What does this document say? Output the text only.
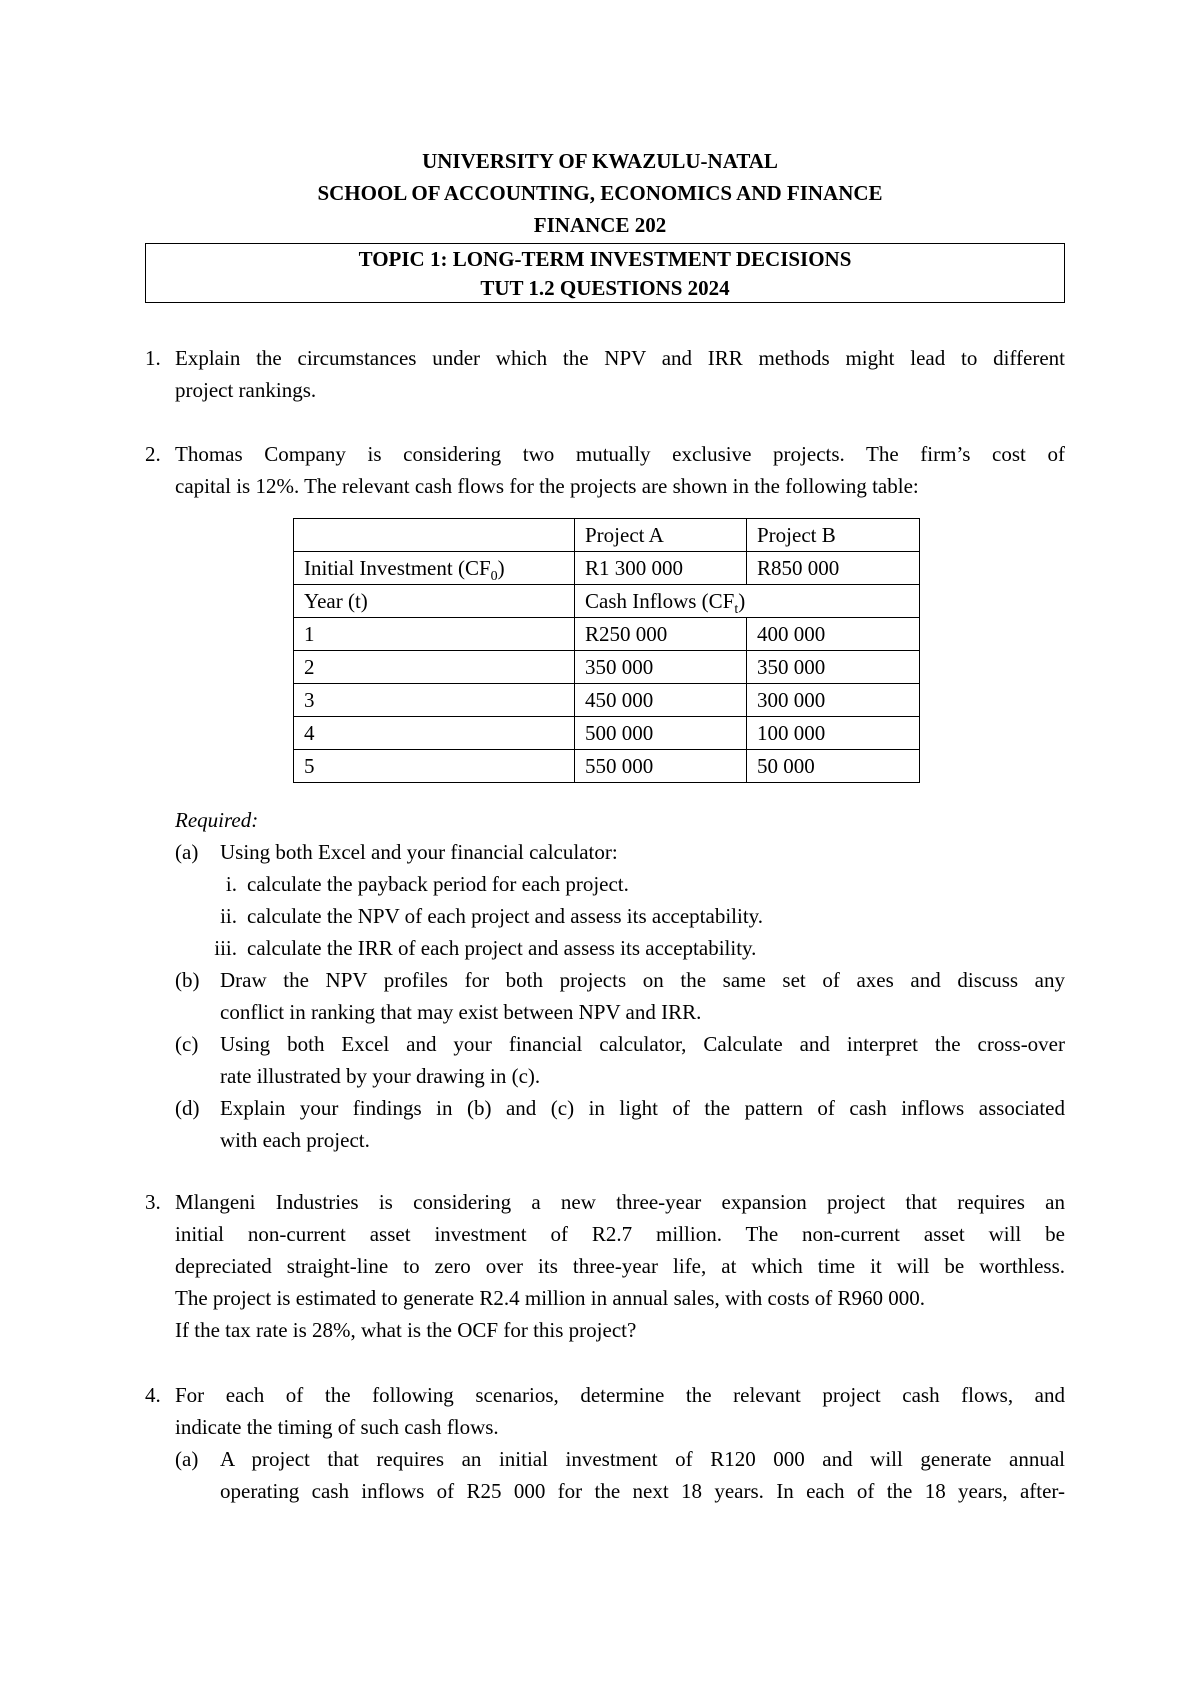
UNIVERSITY OF KWAZULU-NATAL
SCHOOL OF ACCOUNTING, ECONOMICS AND FINANCE
FINANCE 202
TOPIC 1: LONG-TERM INVESTMENT DECISIONS
TUT 1.2 QUESTIONS 2024
1. Explain the circumstances under which the NPV and IRR methods might lead to different
project rankings.
2. Thomas Company is considering two mutually exclusive projects. The firm’s cost of
capital is 12%. The relevant cash flows for the projects are shown in the following table:
	Project A	Project B
Initial Investment $(CF_0)$	R1 300 000	R850 000
Year (t)	Cash Inflows $(CF_t)$	
1	R250 000	400 000
2	350 000	350 000
3	450 000	300 000
4	500 000	100 000
5	550 000	50 000
Required:
(a) Using both Excel and your financial calculator:
i. calculate the payback period for each project.
ii. calculate the NPV of each project and assess its acceptability.
iii. calculate the IRR of each project and assess its acceptability.
(b) Draw the NPV profiles for both projects on the same set of axes and discuss any
conflict in ranking that may exist between NPV and IRR.
(c) Using both Excel and your financial calculator, Calculate and interpret the cross-over
rate illustrated by your drawing in (c).
(d) Explain your findings in (b) and (c) in light of the pattern of cash inflows associated
with each project.
3. Mlangeni Industries is considering a new three-year expansion project that requires an
initial non-current asset investment of R2.7 million. The non-current asset will be
depreciated straight-line to zero over its three-year life, at which time it will be worthless.
The project is estimated to generate R2.4 million in annual sales, with costs of R960 000.
If the tax rate is 28%, what is the OCF for this project?
4. For each of the following scenarios, determine the relevant project cash flows, and
indicate the timing of such cash flows.
(a) A project that requires an initial investment of R120 000 and will generate annual
operating cash inflows of R25 000 for the next 18 years. In each of the 18 years, after-
